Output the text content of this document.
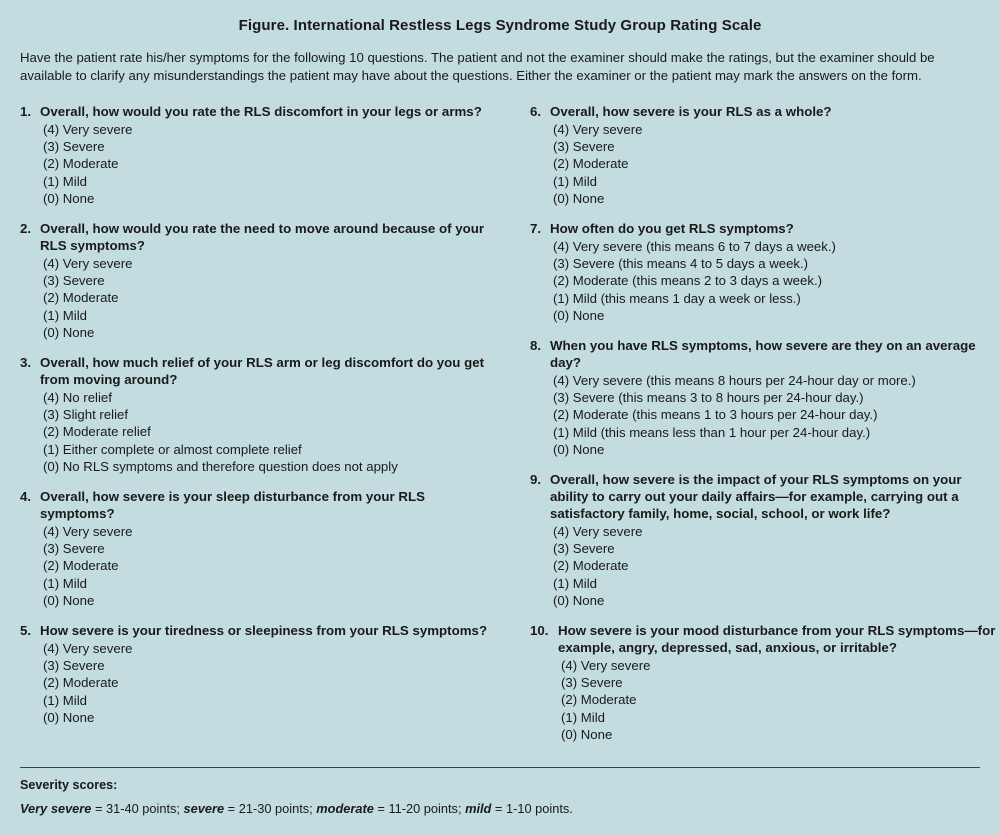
Figure. International Restless Legs Syndrome Study Group Rating Scale
Have the patient rate his/her symptoms for the following 10 questions. The patient and not the examiner should make the ratings, but the examiner should be available to clarify any misunderstandings the patient may have about the questions. Either the examiner or the patient may mark the answers on the form.
1. Overall, how would you rate the RLS discomfort in your legs or arms?
(4) Very severe
(3) Severe
(2) Moderate
(1) Mild
(0) None
2. Overall, how would you rate the need to move around because of your RLS symptoms?
(4) Very severe
(3) Severe
(2) Moderate
(1) Mild
(0) None
3. Overall, how much relief of your RLS arm or leg discomfort do you get from moving around?
(4) No relief
(3) Slight relief
(2) Moderate relief
(1) Either complete or almost complete relief
(0) No RLS symptoms and therefore question does not apply
4. Overall, how severe is your sleep disturbance from your RLS symptoms?
(4) Very severe
(3) Severe
(2) Moderate
(1) Mild
(0) None
5. How severe is your tiredness or sleepiness from your RLS symptoms?
(4) Very severe
(3) Severe
(2) Moderate
(1) Mild
(0) None
6. Overall, how severe is your RLS as a whole?
(4) Very severe
(3) Severe
(2) Moderate
(1) Mild
(0) None
7. How often do you get RLS symptoms?
(4) Very severe (this means 6 to 7 days a week.)
(3) Severe (this means 4 to 5 days a week.)
(2) Moderate (this means 2 to 3 days a week.)
(1) Mild (this means 1 day a week or less.)
(0) None
8. When you have RLS symptoms, how severe are they on an average day?
(4) Very severe (this means 8 hours per 24-hour day or more.)
(3) Severe (this means 3 to 8 hours per 24-hour day.)
(2) Moderate (this means 1 to 3 hours per 24-hour day.)
(1) Mild (this means less than 1 hour per 24-hour day.)
(0) None
9. Overall, how severe is the impact of your RLS symptoms on your ability to carry out your daily affairs—for example, carrying out a satisfactory family, home, social, school, or work life?
(4) Very severe
(3) Severe
(2) Moderate
(1) Mild
(0) None
10. How severe is your mood disturbance from your RLS symptoms—for example, angry, depressed, sad, anxious, or irritable?
(4) Very severe
(3) Severe
(2) Moderate
(1) Mild
(0) None
Severity scores:
Very severe = 31-40 points; severe = 21-30 points; moderate = 11-20 points; mild = 1-10 points.
